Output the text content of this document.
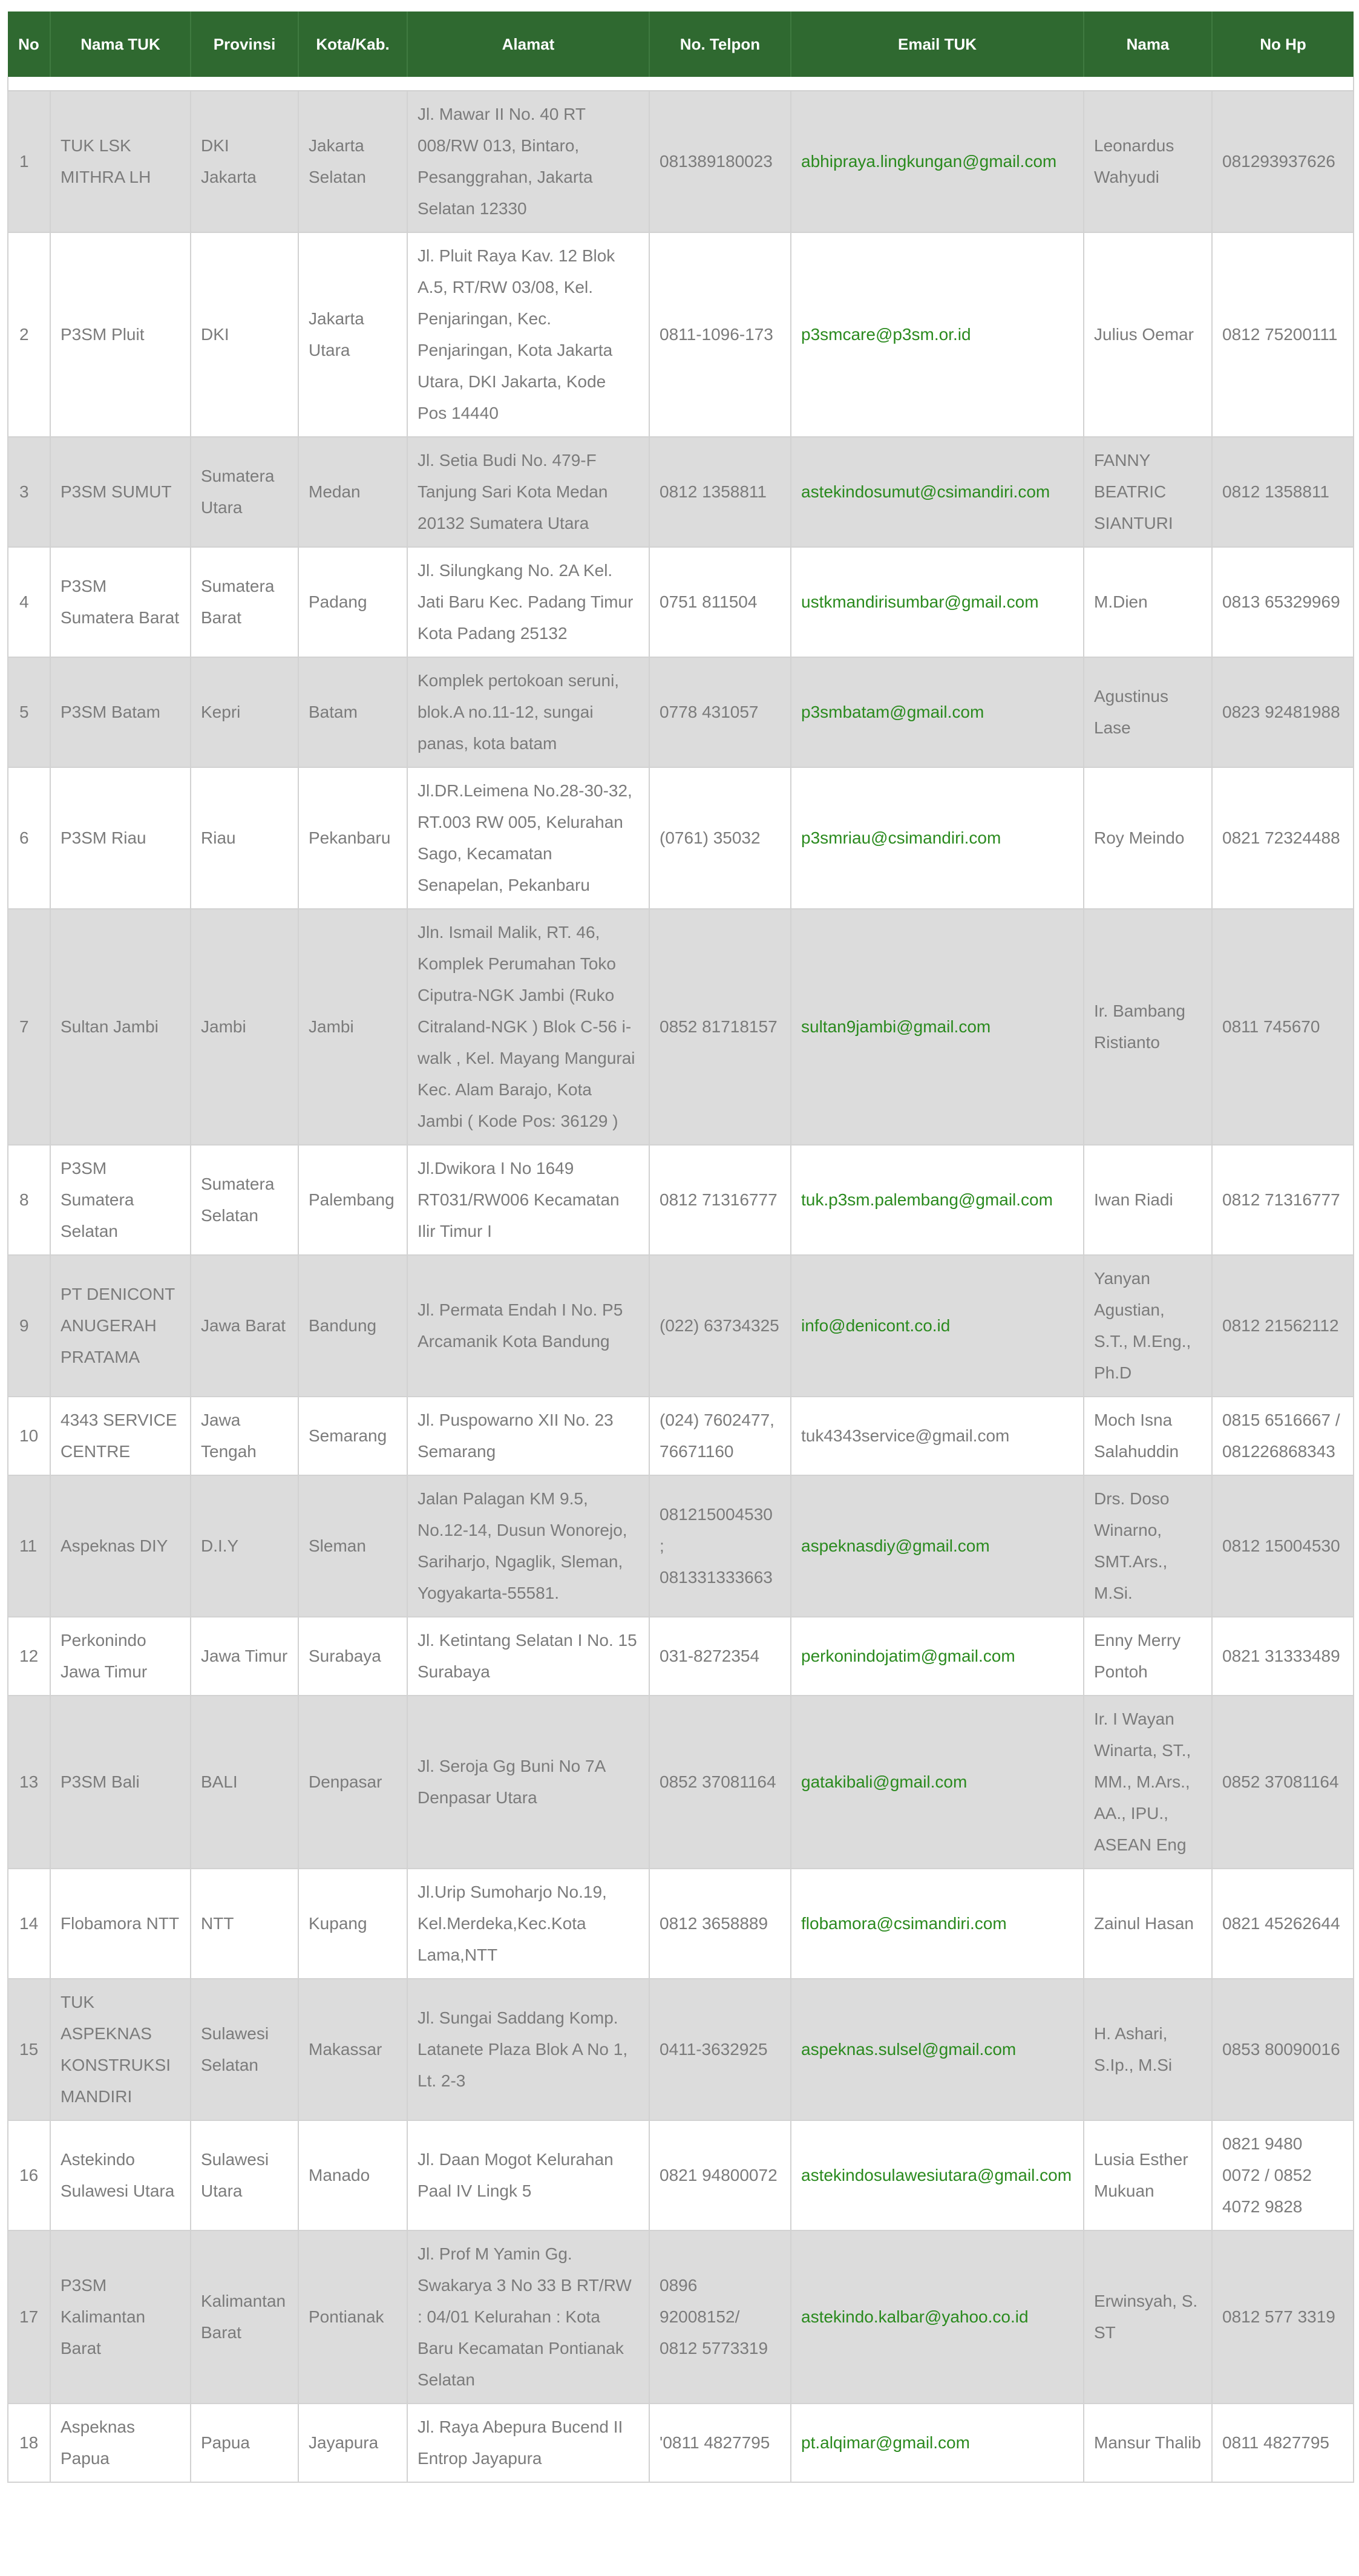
No	Nama TUK	Provinsi	Kota/Kab.	Alamat	No. Telpon	Email TUK	Nama	No Hp

1	TUK LSK MITHRA LH	DKI Jakarta	Jakarta Selatan	Jl. Mawar II No. 40 RT 008/RW 013, Bintaro, Pesanggrahan, Jakarta Selatan 12330	081389180023	abhipraya.lingkungan@gmail.com	Leonardus Wahyudi	081293937626
2	P3SM Pluit	DKI	Jakarta Utara	Jl. Pluit Raya Kav. 12 Blok A.5, RT/RW 03/08, Kel. Penjaringan, Kec. Penjaringan, Kota Jakarta Utara, DKI Jakarta, Kode Pos 14440	0811-1096-173	p3smcare@p3sm.or.id	Julius Oemar	0812 75200111
3	P3SM SUMUT	Sumatera Utara	Medan	Jl. Setia Budi No. 479-F Tanjung Sari Kota Medan 20132 Sumatera Utara	0812 1358811	astekindosumut@csimandiri.com	FANNY BEATRIC SIANTURI	0812 1358811
4	P3SM Sumatera Barat	Sumatera Barat	Padang	Jl. Silungkang No. 2A Kel. Jati Baru Kec. Padang Timur Kota Padang 25132	0751 811504	ustkmandirisumbar@gmail.com	M.Dien	0813 65329969
5	P3SM Batam	Kepri	Batam	Komplek pertokoan seruni, blok.A no.11-12, sungai panas, kota batam	0778 431057	p3smbatam@gmail.com	Agustinus Lase	0823 92481988
6	P3SM Riau	Riau	Pekanbaru	Jl.DR.Leimena No.28-30-32, RT.003 RW 005, Kelurahan Sago, Kecamatan Senapelan, Pekanbaru	(0761) 35032	p3smriau@csimandiri.com	Roy Meindo	0821 72324488
7	Sultan Jambi	Jambi	Jambi	Jln. Ismail Malik, RT. 46, Komplek Perumahan Toko Ciputra-NGK Jambi (Ruko Citraland-NGK ) Blok C-56 i-walk , Kel. Mayang Mangurai Kec. Alam Barajo, Kota Jambi ( Kode Pos: 36129 )	0852 81718157	sultan9jambi@gmail.com	Ir. Bambang Ristianto	0811 745670
8	P3SM Sumatera Selatan	Sumatera Selatan	Palembang	Jl.Dwikora I No 1649 RT031/RW006 Kecamatan Ilir Timur I	0812 71316777	tuk.p3sm.palembang@gmail.com	Iwan Riadi	0812 71316777
9	PT DENICONT ANUGERAH PRATAMA	Jawa Barat	Bandung	Jl. Permata Endah I No. P5 Arcamanik Kota Bandung	(022) 63734325	info@denicont.co.id	Yanyan Agustian, S.T., M.Eng., Ph.D	0812 21562112
10	4343 SERVICE CENTRE	Jawa Tengah	Semarang	Jl. Puspowarno XII No. 23 Semarang	(024) 7602477, 76671160	tuk4343service@gmail.com	Moch Isna Salahuddin	0815 6516667 / 081226868343
11	Aspeknas DIY	D.I.Y	Sleman	Jalan Palagan KM 9.5, No.12-14, Dusun Wonorejo, Sariharjo, Ngaglik, Sleman, Yogyakarta-55581.	081215004530 ; 081331333663	aspeknasdiy@gmail.com	Drs. Doso Winarno, SMT.Ars., M.Si.	0812 15004530
12	Perkonindo Jawa Timur	Jawa Timur	Surabaya	Jl. Ketintang Selatan I No. 15 Surabaya	031-8272354	perkonindojatim@gmail.com	Enny Merry Pontoh	0821 31333489
13	P3SM Bali	BALI	Denpasar	Jl. Seroja Gg Buni No 7A Denpasar Utara	0852 37081164	gatakibali@gmail.com	Ir. I Wayan Winarta, ST., MM., M.Ars., AA., IPU., ASEAN Eng	0852 37081164
14	Flobamora NTT	NTT	Kupang	Jl.Urip Sumoharjo No.19, Kel.Merdeka,Kec.Kota Lama,NTT	0812 3658889	flobamora@csimandiri.com	Zainul Hasan	0821 45262644
15	TUK ASPEKNAS KONSTRUKSI MANDIRI	Sulawesi Selatan	Makassar	Jl. Sungai Saddang Komp. Latanete Plaza Blok A No 1, Lt. 2-3	0411-3632925	aspeknas.sulsel@gmail.com	H. Ashari, S.Ip., M.Si	0853 80090016
16	Astekindo Sulawesi Utara	Sulawesi Utara	Manado	Jl. Daan Mogot Kelurahan Paal IV Lingk 5	0821 94800072	astekindosulawesiutara@gmail.com	Lusia Esther Mukuan	0821 9480 0072 / 0852 4072 9828
17	P3SM Kalimantan Barat	Kalimantan Barat	Pontianak	Jl. Prof M Yamin Gg. Swakarya 3 No 33 B RT/RW : 04/01 Kelurahan : Kota Baru Kecamatan Pontianak Selatan	0896 92008152/ 0812 5773319	astekindo.kalbar@yahoo.co.id	Erwinsyah, S. ST	0812 577 3319
18	Aspeknas Papua	Papua	Jayapura	Jl. Raya Abepura Bucend II Entrop Jayapura	'0811 4827795	pt.alqimar@gmail.com	Mansur Thalib	0811 4827795
